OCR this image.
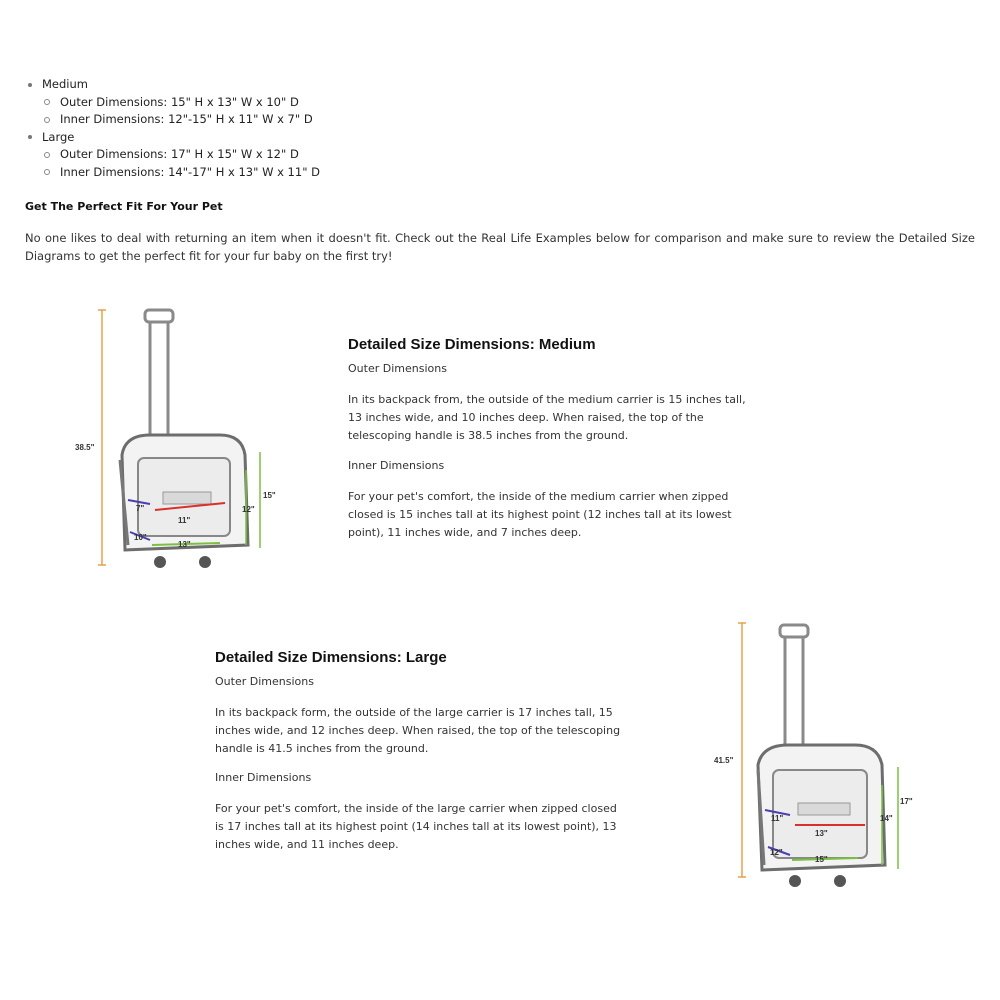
Medium
Outer Dimensions: 15" H x 13" W x 10" D
Inner Dimensions: 12"-15" H x 11" W x 7" D
Large
Outer Dimensions: 17" H x 15" W x 12" D
Inner Dimensions: 14"-17" H x 13" W x 11" D
Get The Perfect Fit For Your Pet
No one likes to deal with returning an item when it doesn't fit. Check out the Real Life Examples below for comparison and make sure to review the Detailed Size Diagrams to get the perfect fit for your fur baby on the first try!
38.5"
11"
7"
10"
13"
15"
12"
Detailed Size Dimensions: Medium
Outer Dimensions
In its backpack from, the outside of the medium carrier is 15 inches tall,
13 inches wide, and 10 inches deep. When raised, the top of the
telescoping handle is 38.5 inches from the ground.
Inner Dimensions
For your pet's comfort, the inside of the medium carrier when zipped
closed is 15 inches tall at its highest point (12 inches tall at its lowest
point), 11 inches wide, and 7 inches deep.
Detailed Size Dimensions: Large
Outer Dimensions
In its backpack form, the outside of the large carrier is 17 inches tall, 15
inches wide, and 12 inches deep. When raised, the top of the telescoping
handle is 41.5 inches from the ground.
Inner Dimensions
For your pet's comfort, the inside of the large carrier when zipped closed
is 17 inches tall at its highest point (14 inches tall at its lowest point), 13
inches wide, and 11 inches deep.
41.5"
13"
11"
12"
15"
17"
14"
